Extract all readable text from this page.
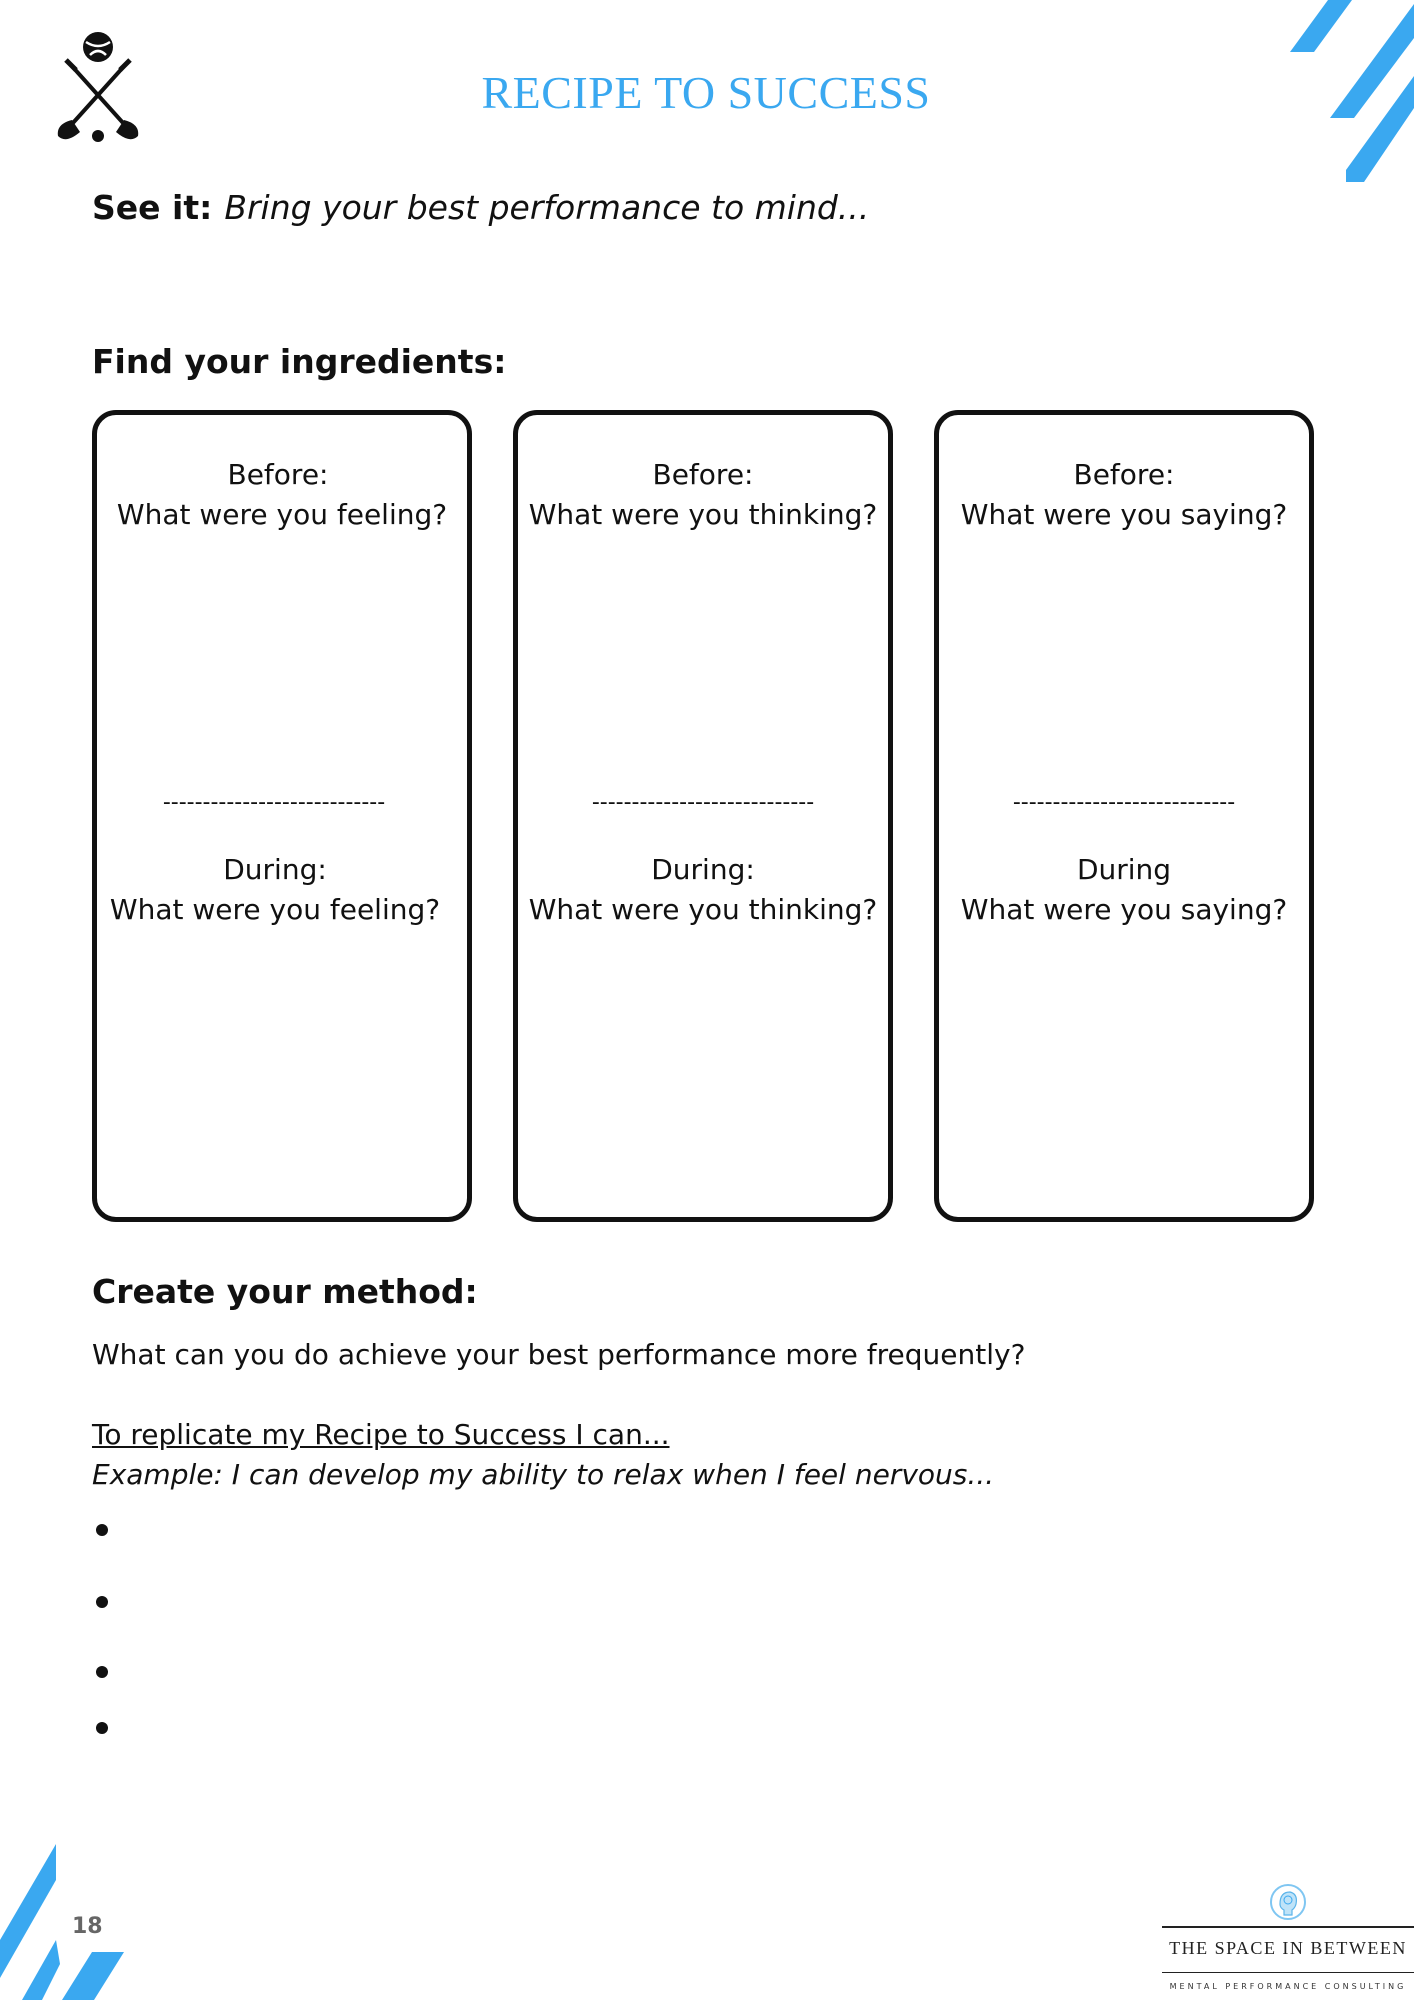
RECIPE TO SUCCESS
See it: Bring your best performance to mind...
Find your ingredients:
Before:
What were you feeling?
----------------------------
During:
What were you feeling?
Before:
What were you thinking?
----------------------------
During:
What were you thinking?
Before:
What were you saying?
----------------------------
During
What were you saying?
Create your method:
What can you do achieve your best performance more frequently?
To replicate my Recipe to Success I can...
Example: I can develop my ability to relax when I feel nervous...
18
THE SPACE IN BETWEEN
MENTAL PERFORMANCE CONSULTING
